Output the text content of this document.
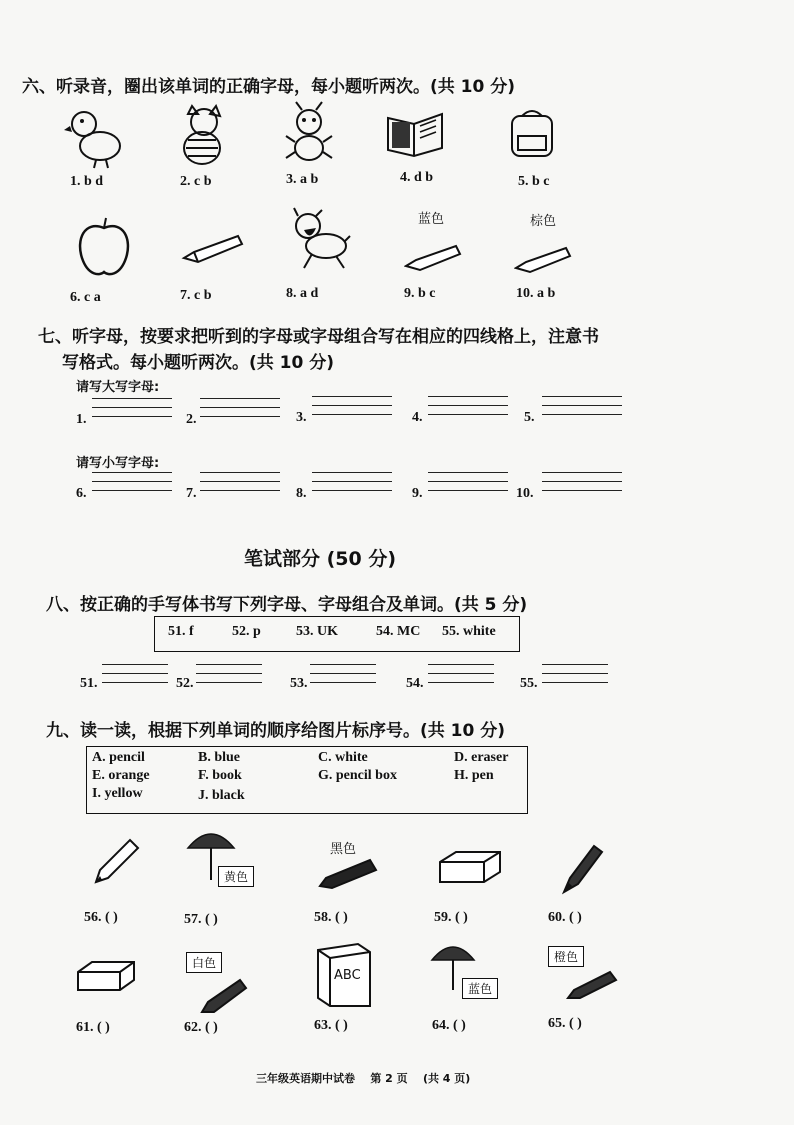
六、听录音，圈出该单词的正确字母，每小题听两次。(共 10 分)
1. b d	2. c b	3. a b	4. d b	5. b c
蓝色	棕色
6. c a	7. c b	8. a d	9. b c	10. a b
七、听字母，按要求把听到的字母或字母组合写在相应的四线格上，注意书
写格式。每小题听两次。(共 10 分)
请写大写字母:
1.	2.	3.	4.	5.
请写小写字母:
6.	7.	8.	9.	10.
笔试部分 (50 分)
八、按正确的手写体书写下列字母、字母组合及单词。(共 5 分)
51. f	52. p	53. UK	54. MC 55. white
51.	52.	53.	54.	55.
九、读一读，根据下列单词的顺序给图片标序号。(共 10 分)
A. pencil	B. blue	C. white	D. eraser
E. orange	F. book	G. pencil box	H. pen
I. yellow	J. black
黄色
黑色
56. ( )	57. ( )	58. ( )	59. ( )	60. ( )
白色
ABC
蓝色
橙色
61. ( )	62. ( )	63. ( )	64. ( )	65. ( )
三年级英语期中试卷    第 2 页    (共 4 页)
